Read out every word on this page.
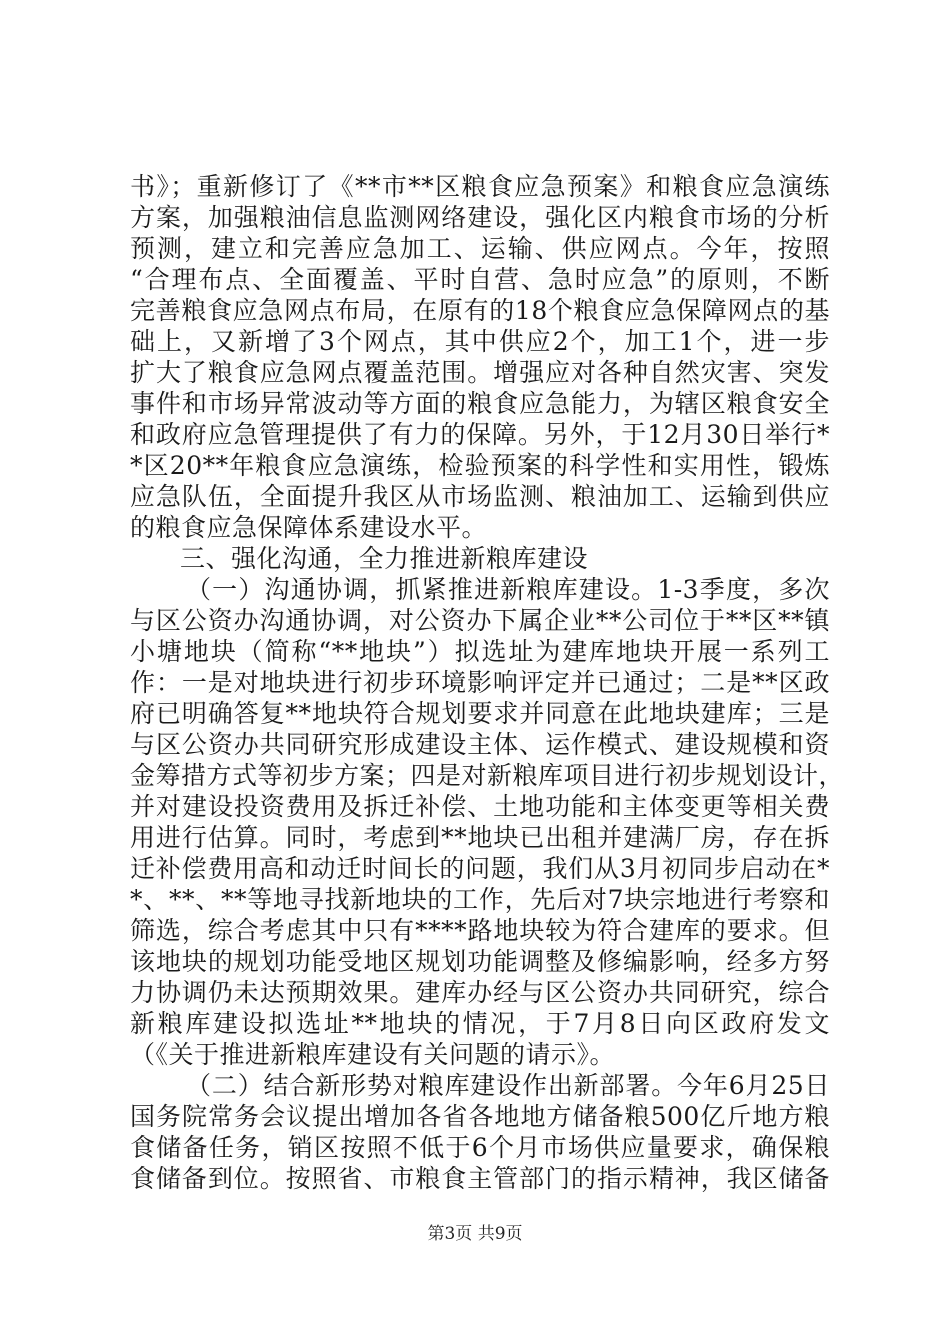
书》；重新修订了《**市**区粮食应急预案》和粮食应急演练
方案，加强粮油信息监测网络建设，强化区内粮食市场的分析
预测，建立和完善应急加工、运输、供应网点。今年，按照
“合理布点、全面覆盖、平时自营、急时应急”的原则，不断
完善粮食应急网点布局，在原有的18个粮食应急保障网点的基
础上，又新增了3个网点，其中供应2个，加工1个，进一步
扩大了粮食应急网点覆盖范围。增强应对各种自然灾害、突发
事件和市场异常波动等方面的粮食应急能力，为辖区粮食安全
和政府应急管理提供了有力的保障。另外，于12月30日举行*
*区20**年粮食应急演练，检验预案的科学性和实用性，锻炼
应急队伍，全面提升我区从市场监测、粮油加工、运输到供应
的粮食应急保障体系建设水平。
三、强化沟通，全力推进新粮库建设
（一）沟通协调，抓紧推进新粮库建设。1-3季度，多次
与区公资办沟通协调，对公资办下属企业**公司位于**区**镇
小塘地块（简称“**地块”）拟选址为建库地块开展一系列工
作：一是对地块进行初步环境影响评定并已通过；二是**区政
府已明确答复**地块符合规划要求并同意在此地块建库；三是
与区公资办共同研究形成建设主体、运作模式、建设规模和资
金筹措方式等初步方案；四是对新粮库项目进行初步规划设计，
并对建设投资费用及拆迁补偿、土地功能和主体变更等相关费
用进行估算。同时，考虑到**地块已出租并建满厂房，存在拆
迁补偿费用高和动迁时间长的问题，我们从3月初同步启动在*
*、**、**等地寻找新地块的工作，先后对7块宗地进行考察和
筛选，综合考虑其中只有****路地块较为符合建库的要求。但
该地块的规划功能受地区规划功能调整及修编影响，经多方努
力协调仍未达预期效果。建库办经与区公资办共同研究，综合
新粮库建设拟选址**地块的情况，于7月8日向区政府发文
（《关于推进新粮库建设有关问题的请示》。
（二）结合新形势对粮库建设作出新部署。今年6月25日
国务院常务会议提出增加各省各地地方储备粮500亿斤地方粮
食储备任务，销区按照不低于6个月市场供应量要求，确保粮
食储备到位。按照省、市粮食主管部门的指示精神，我区储备
第3页 共9页
